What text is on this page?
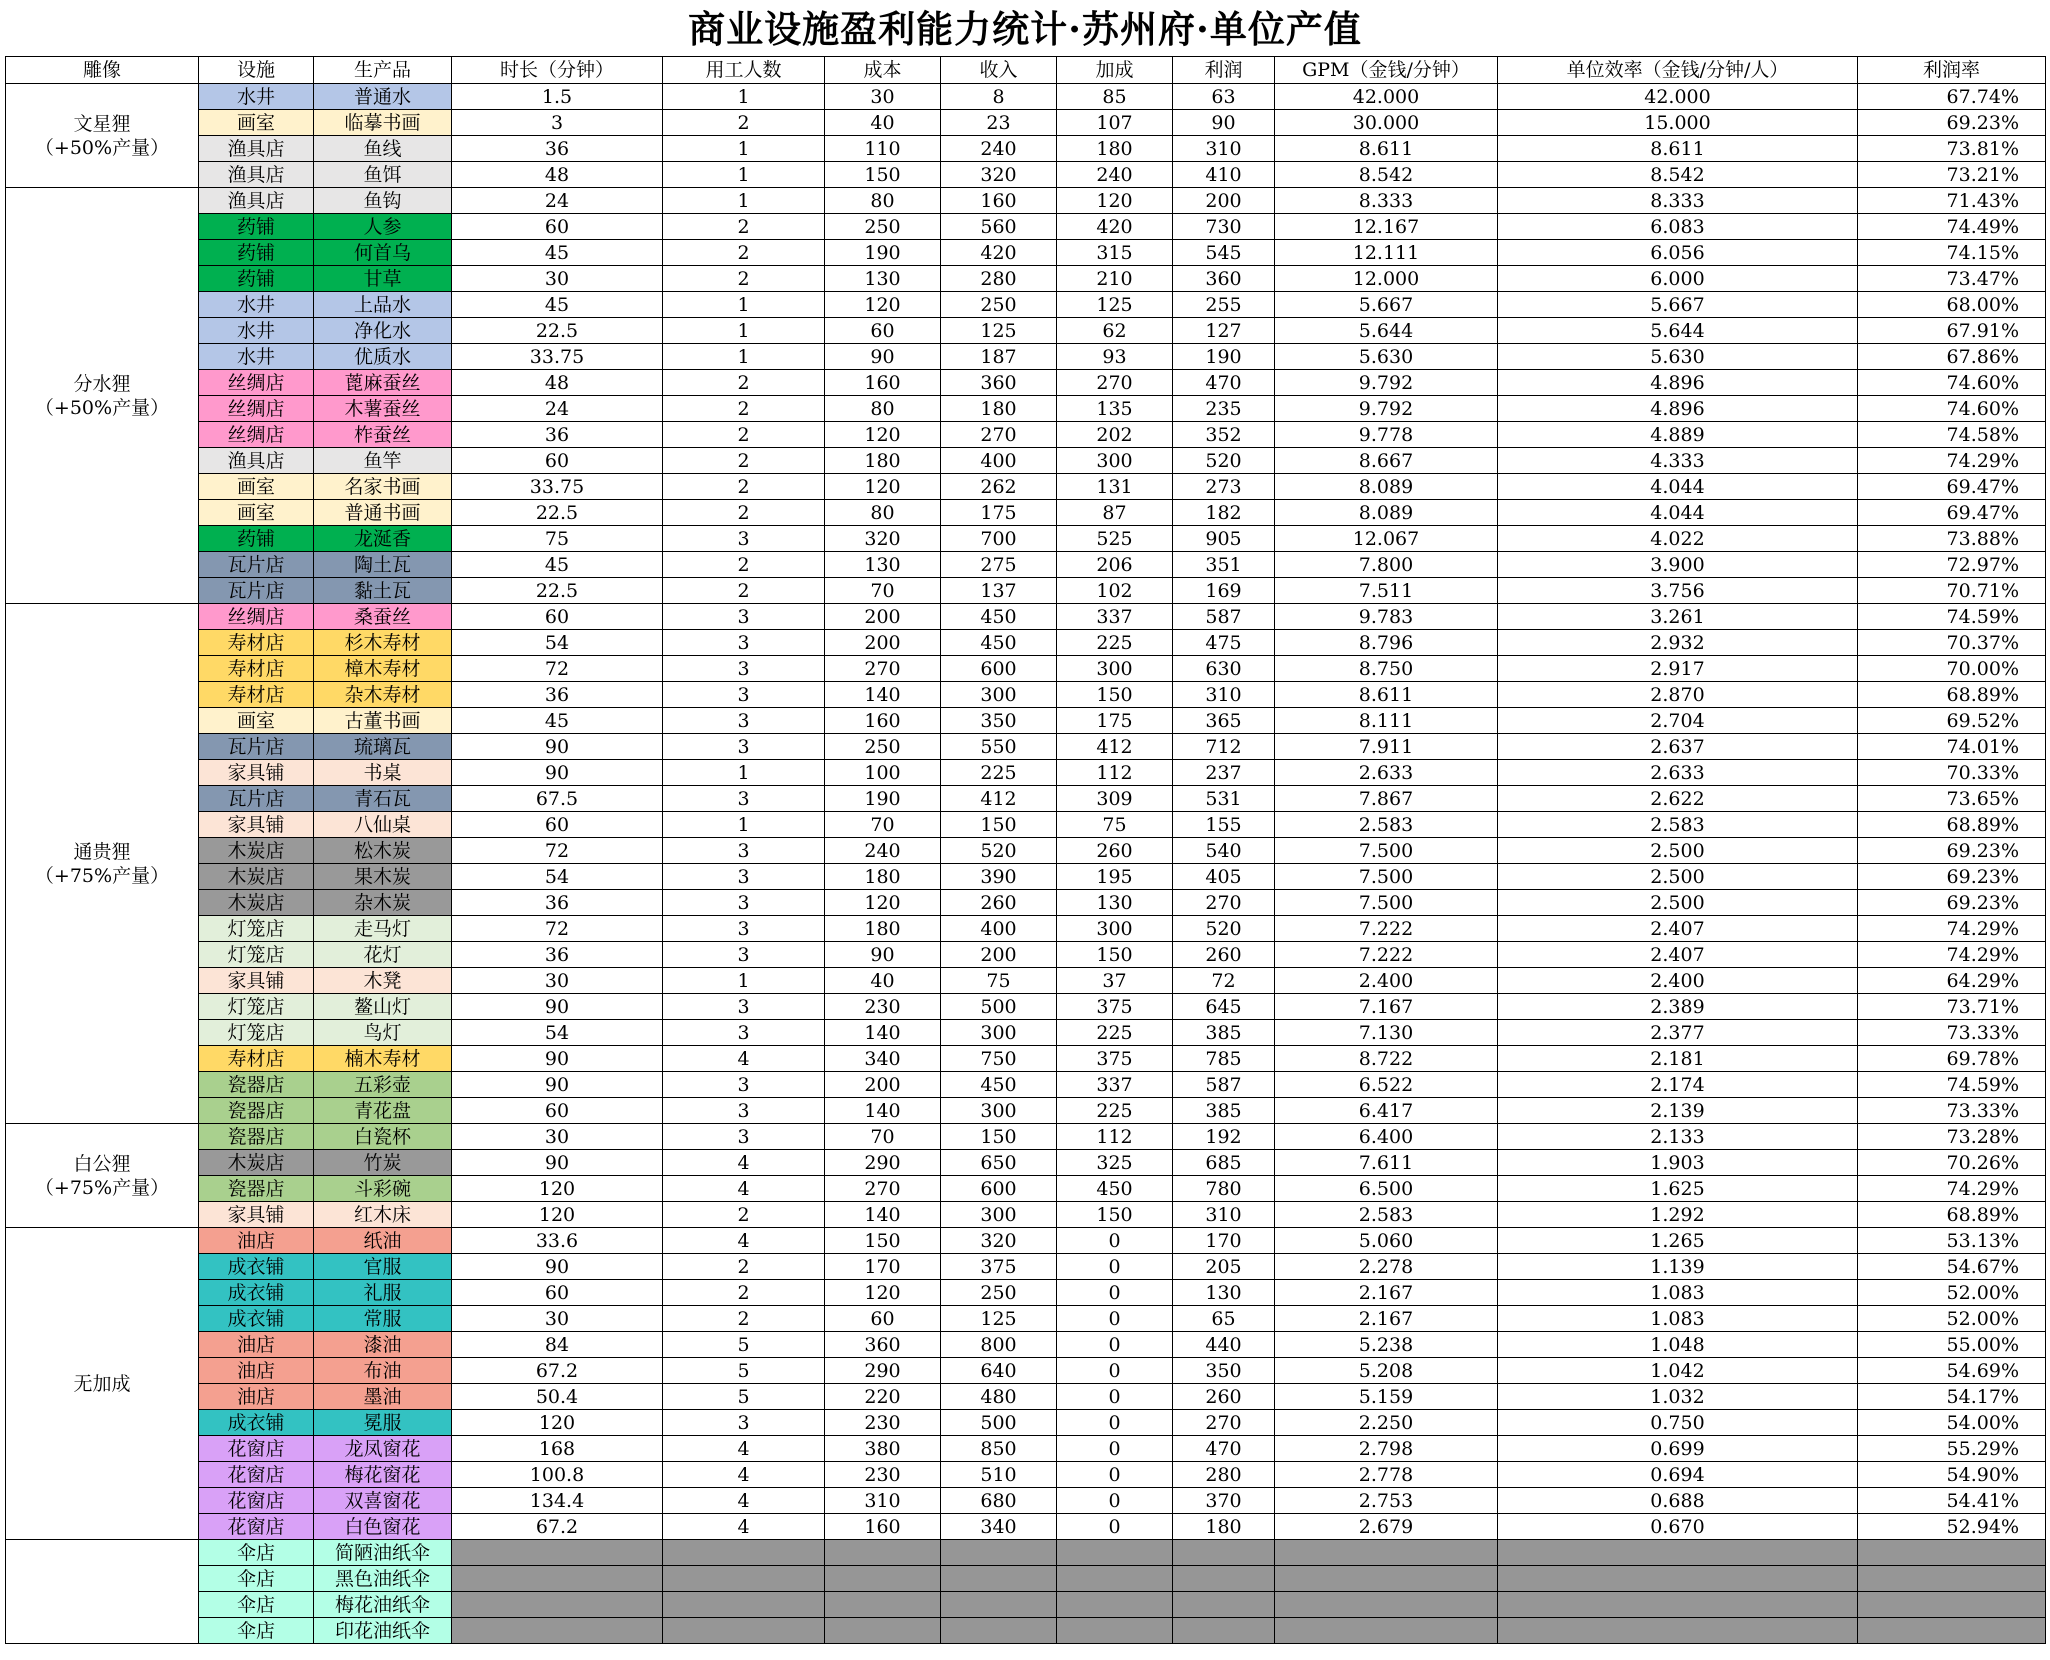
商业设施盈利能力统计·苏州府·单位产值
雕像	设施	生产品	时长（分钟）	用工人数	成本	收入	加成	利润	GPM（金钱/分钟）	单位效率（金钱/分钟/人）	利润率

文星狸
（+50%产量）	水井	普通水	1.5	1	30	8	85	63	42.000	42.000	67.74%
	画室	临摹书画	3	2	40	23	107	90	30.000	15.000	69.23%
	渔具店	鱼线	36	1	110	240	180	310	8.611	8.611	73.81%
	渔具店	鱼饵	48	1	150	320	240	410	8.542	8.542	73.21%

分水狸
（+50%产量）	渔具店	鱼钩	24	1	80	160	120	200	8.333	8.333	71.43%
	药铺	人参	60	2	250	560	420	730	12.167	6.083	74.49%
	药铺	何首乌	45	2	190	420	315	545	12.111	6.056	74.15%
	药铺	甘草	30	2	130	280	210	360	12.000	6.000	73.47%
	水井	上品水	45	1	120	250	125	255	5.667	5.667	68.00%
	水井	净化水	22.5	1	60	125	62	127	5.644	5.644	67.91%
	水井	优质水	33.75	1	90	187	93	190	5.630	5.630	67.86%
	丝绸店	蓖麻蚕丝	48	2	160	360	270	470	9.792	4.896	74.60%
	丝绸店	木薯蚕丝	24	2	80	180	135	235	9.792	4.896	74.60%
	丝绸店	柞蚕丝	36	2	120	270	202	352	9.778	4.889	74.58%
	渔具店	鱼竿	60	2	180	400	300	520	8.667	4.333	74.29%
	画室	名家书画	33.75	2	120	262	131	273	8.089	4.044	69.47%
	画室	普通书画	22.5	2	80	175	87	182	8.089	4.044	69.47%
	药铺	龙涎香	75	3	320	700	525	905	12.067	4.022	73.88%
	瓦片店	陶土瓦	45	2	130	275	206	351	7.800	3.900	72.97%
	瓦片店	黏土瓦	22.5	2	70	137	102	169	7.511	3.756	70.71%

通贵狸
（+75%产量）	丝绸店	桑蚕丝	60	3	200	450	337	587	9.783	3.261	74.59%
	寿材店	杉木寿材	54	3	200	450	225	475	8.796	2.932	70.37%
	寿材店	樟木寿材	72	3	270	600	300	630	8.750	2.917	70.00%
	寿材店	杂木寿材	36	3	140	300	150	310	8.611	2.870	68.89%
	画室	古董书画	45	3	160	350	175	365	8.111	2.704	69.52%
	瓦片店	琉璃瓦	90	3	250	550	412	712	7.911	2.637	74.01%
	家具铺	书桌	90	1	100	225	112	237	2.633	2.633	70.33%
	瓦片店	青石瓦	67.5	3	190	412	309	531	7.867	2.622	73.65%
	家具铺	八仙桌	60	1	70	150	75	155	2.583	2.583	68.89%
	木炭店	松木炭	72	3	240	520	260	540	7.500	2.500	69.23%
	木炭店	果木炭	54	3	180	390	195	405	7.500	2.500	69.23%
	木炭店	杂木炭	36	3	120	260	130	270	7.500	2.500	69.23%
	灯笼店	走马灯	72	3	180	400	300	520	7.222	2.407	74.29%
	灯笼店	花灯	36	3	90	200	150	260	7.222	2.407	74.29%
	家具铺	木凳	30	1	40	75	37	72	2.400	2.400	64.29%
	灯笼店	鳌山灯	90	3	230	500	375	645	7.167	2.389	73.71%
	灯笼店	鸟灯	54	3	140	300	225	385	7.130	2.377	73.33%
	寿材店	楠木寿材	90	4	340	750	375	785	8.722	2.181	69.78%
	瓷器店	五彩壶	90	3	200	450	337	587	6.522	2.174	74.59%
	瓷器店	青花盘	60	3	140	300	225	385	6.417	2.139	73.33%

白公狸
（+75%产量）	瓷器店	白瓷杯	30	3	70	150	112	192	6.400	2.133	73.28%
	木炭店	竹炭	90	4	290	650	325	685	7.611	1.903	70.26%
	瓷器店	斗彩碗	120	4	270	600	450	780	6.500	1.625	74.29%
	家具铺	红木床	120	2	140	300	150	310	2.583	1.292	68.89%

无加成	油店	纸油	33.6	4	150	320	0	170	5.060	1.265	53.13%
	成衣铺	官服	90	2	170	375	0	205	2.278	1.139	54.67%
	成衣铺	礼服	60	2	120	250	0	130	2.167	1.083	52.00%
	成衣铺	常服	30	2	60	125	0	65	2.167	1.083	52.00%
	油店	漆油	84	5	360	800	0	440	5.238	1.048	55.00%
	油店	布油	67.2	5	290	640	0	350	5.208	1.042	54.69%
	油店	墨油	50.4	5	220	480	0	260	5.159	1.032	54.17%
	成衣铺	冕服	120	3	230	500	0	270	2.250	0.750	54.00%
	花窗店	龙凤窗花	168	4	380	850	0	470	2.798	0.699	55.29%
	花窗店	梅花窗花	100.8	4	230	510	0	280	2.778	0.694	54.90%
	花窗店	双喜窗花	134.4	4	310	680	0	370	2.753	0.688	54.41%
	花窗店	白色窗花	67.2	4	160	340	0	180	2.679	0.670	52.94%

	伞店	简陋油纸伞									
	伞店	黑色油纸伞									
	伞店	梅花油纸伞									
	伞店	印花油纸伞									
